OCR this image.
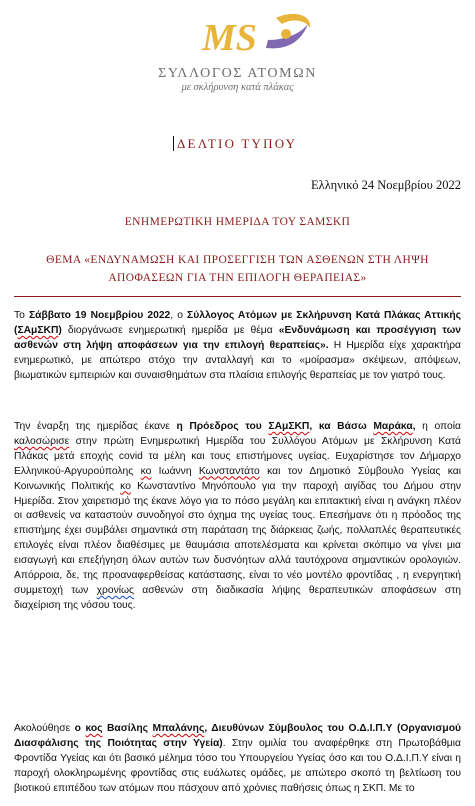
MS
ΣΥΛΛΟΓΟΣ ΑΤΟΜΩΝ
με σκλήρυνση κατά πλάκας
ΔΕΛΤΙΟ ΤΥΠΟΥ
Ελληνικό 24 Νοεμβρίου 2022
ΕΝΗΜΕΡΩΤΙΚΗ ΗΜΕΡΙΔΑ ΤΟΥ ΣΑΜΣΚΠ
ΘΕΜΑ «ΕΝΔΥΝΑΜΩΣΗ ΚΑΙ ΠΡΟΣΕΓΓΙΣΗ ΤΩΝ ΑΣΘΕΝΩΝ ΣΤΗ ΛΗΨΗ
ΑΠΟΦΑΣΕΩΝ ΓΙΑ ΤΗΝ ΕΠΙΛΟΓΗ ΘΕΡΑΠΕΙΑΣ»

Το Σάββατο 19 Νοεμβρίου 2022, ο Σύλλογος Ατόμων με Σκλήρυνση Κατά Πλάκας Αττικής (ΣΑμΣΚΠ) διοργάνωσε ενημερωτική ημερίδα με θέμα «Ενδυνάμωση και προσέγγιση των ασθενών στη λήψη αποφάσεων για την επιλογή θεραπείας». Η Ημερίδα είχε χαρακτήρα ενημερωτικό, με απώτερο στόχο την ανταλλαγή και το «μοίρασμα» σκέψεων, απόψεων, βιωματικών εμπειριών και συναισθημάτων στα πλαίσια επιλογής θεραπείας με τον γιατρό τους.

Την έναρξη της ημερίδας έκανε η Πρόεδρος του ΣΑμΣΚΠ, κα Βάσω Μαράκα, η οποία καλοσώρισε στην πρώτη Ενημερωτική Ημερίδα του Συλλόγου Ατόμων με Σκλήρυνση Κατά Πλάκας μετά εποχής covid τα μέλη και τους επιστήμονες υγείας. Ευχαρίστησε τον Δήμαρχο Ελληνικού-Αργυρούπολης κο Ιωάννη Κωνσταντάτο και τον Δημοτικό Σύμβουλο Υγείας και Κοινωνικής Πολιτικής κο Κωνσταντίνο Μηνόπουλο για την παροχή αιγίδας του Δήμου στην Ημερίδα. Στον χαιρετισμό της έκανε λόγο για το πόσο μεγάλη και επιτακτική είναι η ανάγκη πλέον οι ασθενείς να καταστούν συνοδηγοί στο όχημα της υγείας τους. Επεσήμανε ότι η πρόοδος της επιστήμης έχει συμβάλει σημαντικά στη παράταση της διάρκειας ζωής, πολλαπλές θεραπευτικές επιλογές είναι πλέον διαθέσιμες με θαυμάσια αποτελέσματα και κρίνεται σκόπιμο να γίνει μια εισαγωγή και επεξήγηση όλων αυτών των δυσνόητων αλλά ταυτόχρονα σημαντικών ορολογιών. Απόρροια, δε, της προαναφερθείσας κατάστασης, είναι το νέο μοντέλο φροντίδας , η ενεργητική συμμετοχή των χρονίως ασθενών στη διαδικασία λήψης θεραπευτικών αποφάσεων στη διαχείριση της νόσου τους.

Ακολούθησε ο κος Βασίλης Μπαλάνης, Διευθύνων Σύμβουλος του Ο.Δ.Ι.Π.Υ (Οργανισμού Διασφάλισης της Ποιότητας στην Υγεία). Στην ομιλία του αναφέρθηκε στη Πρωτοβάθμια Φροντίδα Υγείας και ότι βασικό μέλημα τόσο του Υπουργείου Υγείας όσο και του Ο.Δ.Ι.Π.Υ είναι η παροχή ολοκληρωμένης φροντίδας στις ευάλωτες ομάδες, με απώτερο σκοπό τη βελτίωση του βιοτικού επιπέδου των ατόμων που πάσχουν από χρόνιες παθήσεις όπως η ΣΚΠ. Με το
